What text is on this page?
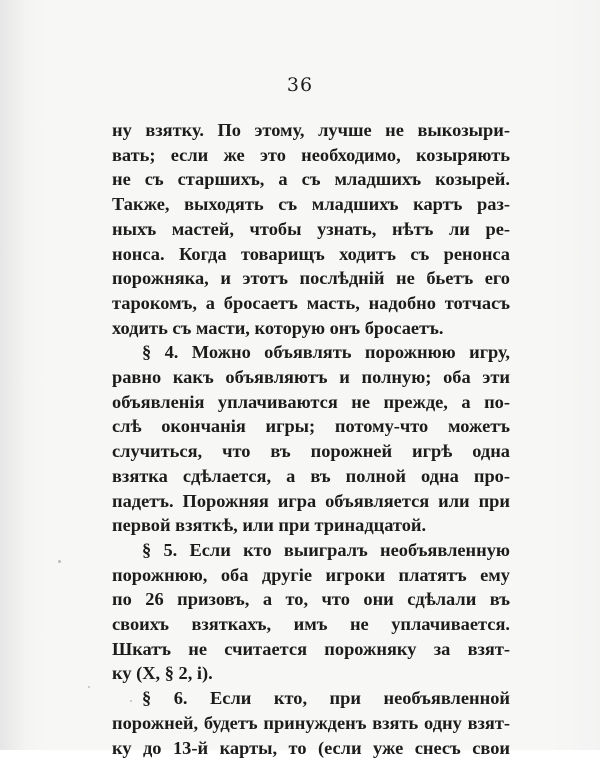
36
ну взятку. По этому, лучше не выкозыри-
вать; если же это необходимо, козыряють
не съ старшихъ, а съ младшихъ козырей.
Также, выходять съ младшихъ картъ раз-
ныхъ мастей, чтобы узнать, нѣтъ ли ре-
нонса. Когда товарищъ ходитъ съ ренонса
порожняка, и этотъ послѣднiй не бьетъ его
тарокомъ, а бросаетъ масть, надобно тотчасъ
ходить съ масти, которую онъ бросаетъ.
§ 4. Можно объявлять порожнюю игру,
равно какъ объявляютъ и полную; оба эти
объявленiя уплачиваются не прежде, а по-
слѣ окончанiя игры; потому-что можетъ
случиться, что въ порожней игрѣ одна
взятка сдѣлается, а въ полной одна про-
падетъ. Порожняя игра объявляется или при
первой взяткѣ, или при тринадцатой.
§ 5. Если кто выигралъ необъявленную
порожнюю, оба другiе игроки платятъ ему
по 26 призовъ, а то, что они сдѣлали въ
своихъ взяткахъ, имъ не уплачивается.
Шкатъ не считается порожняку за взят-
ку (X, § 2, i).
§ 6. Если кто, при необъявленной
порожней, будетъ принужденъ взять одну взят-
ку до 13-й карты, то (если уже снесъ свои
